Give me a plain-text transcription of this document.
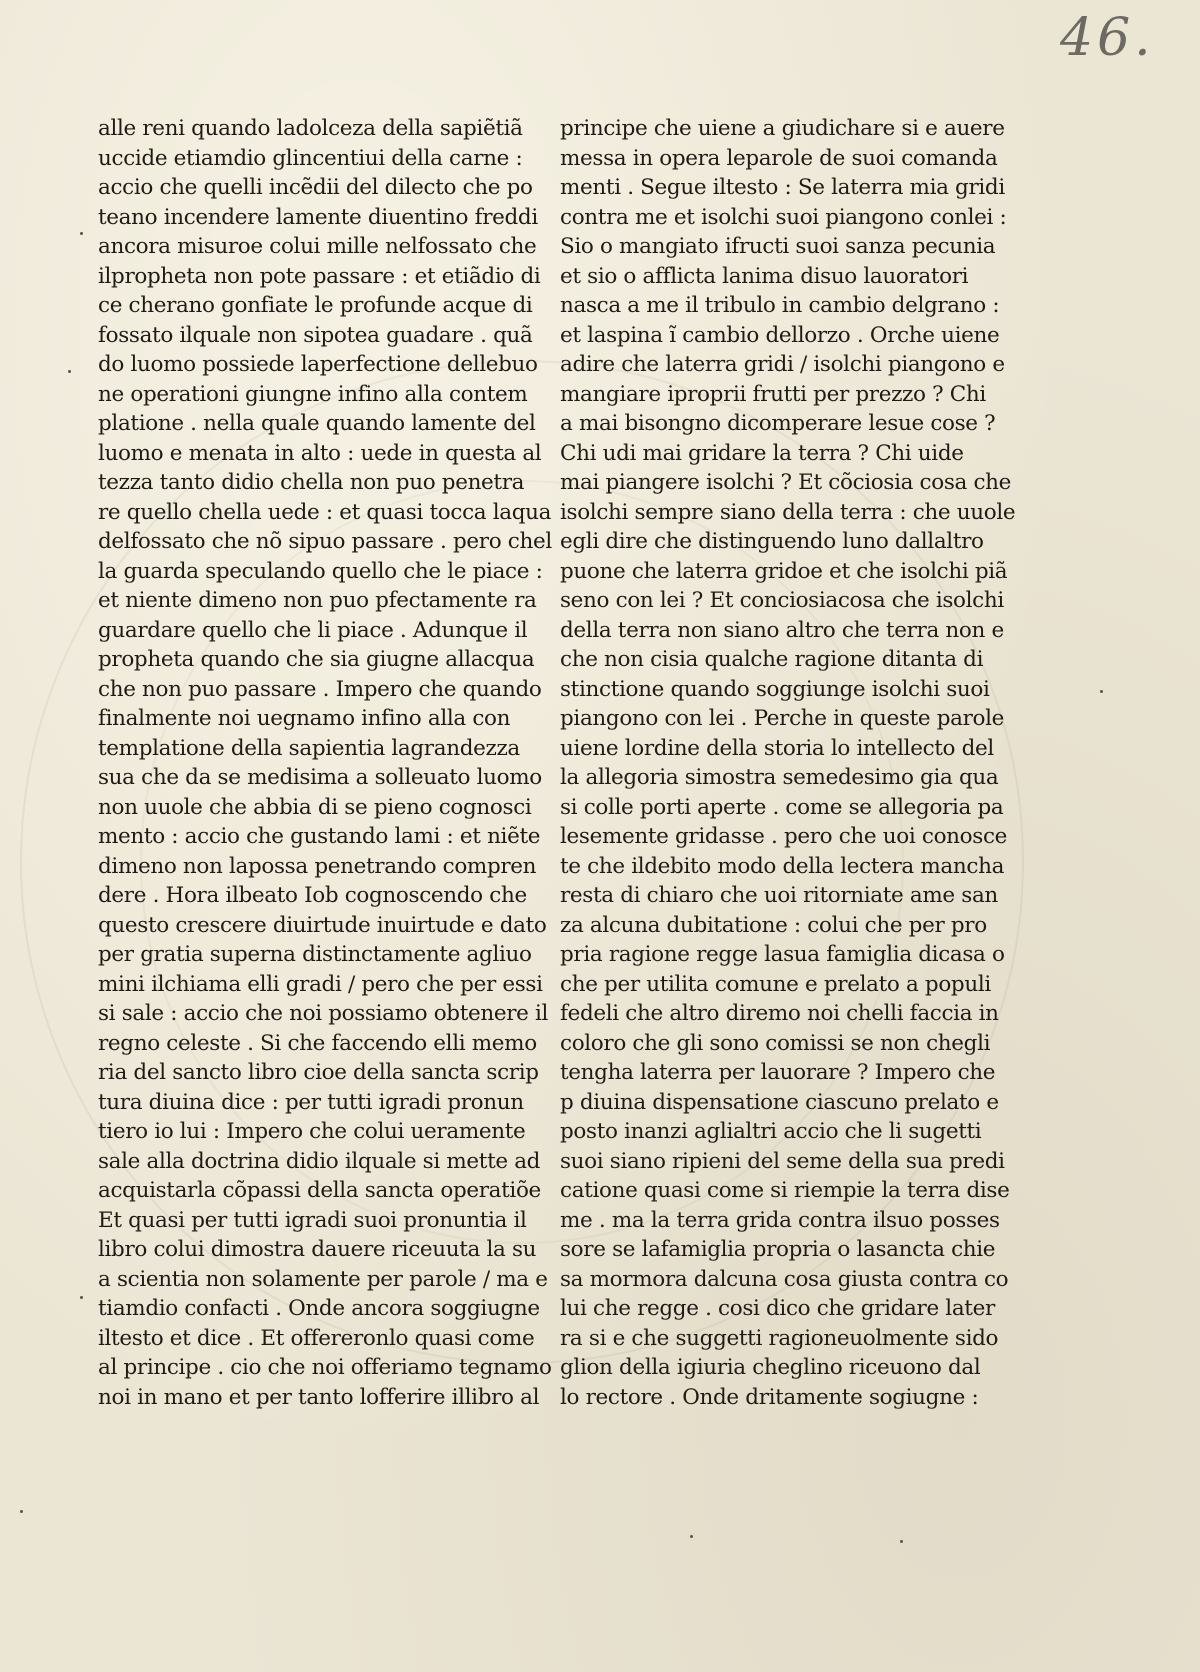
46.
alle reni quando ladolceza della sapiẽtiã
uccide etiamdio glincentiui della carne :
accio che quelli incẽdii del dilecto che po
teano incendere lamente diuentino freddi
ancora misuroe colui mille nelfossato che
ilpropheta non pote passare : et etiãdio di
ce cherano gonfiate le profunde acque di
fossato ilquale non sipotea guadare . quã
do luomo possiede laperfectione dellebuo
ne operationi giungne infino alla contem
platione . nella quale quando lamente del
luomo e menata in alto : uede in questa al
tezza tanto didio chella non puo penetra
re quello chella uede : et quasi tocca laqua
delfossato che nõ sipuo passare . pero chel
la guarda speculando quello che le piace :
et niente dimeno non puo pfectamente ra
guardare quello che li piace . Adunque il
propheta quando che sia giugne allacqua
che non puo passare . Impero che quando
finalmente noi uegnamo infino alla con
templatione della sapientia lagrandezza
sua che da se medisima a solleuato luomo
non uuole che abbia di se pieno cognosci
mento : accio che gustando lami : et niẽte
dimeno non lapossa penetrando compren
dere . Hora ilbeato Iob cognoscendo che
questo crescere diuirtude inuirtude e dato
per gratia superna distinctamente agliuo
mini ilchiama elli gradi / pero che per essi
si sale : accio che noi possiamo obtenere il
regno celeste . Si che faccendo elli memo
ria del sancto libro cioe della sancta scrip
tura diuina dice : per tutti igradi pronun
tiero io lui : Impero che colui ueramente
sale alla doctrina didio ilquale si mette ad
acquistarla cõpassi della sancta operatiõe
Et quasi per tutti igradi suoi pronuntia il
libro colui dimostra dauere riceuuta la su
a scientia non solamente per parole / ma e
tiamdio confacti . Onde ancora soggiugne
iltesto et dice . Et offereronlo quasi come
al principe . cio che noi offeriamo tegnamo
noi in mano et per tanto lofferire illibro al
principe che uiene a giudichare si e auere
messa in opera leparole de suoi comanda
menti . Segue iltesto : Se laterra mia gridi
contra me et isolchi suoi piangono conlei :
Sio o mangiato ifructi suoi sanza pecunia
et sio o afflicta lanima disuo lauoratori
nasca a me il tribulo in cambio delgrano :
et laspina ĩ cambio dellorzo . Orche uiene
adire che laterra gridi / isolchi piangono e
mangiare iproprii frutti per prezzo ? Chi
a mai bisongno dicomperare lesue cose ?
Chi udi mai gridare la terra ? Chi uide
mai piangere isolchi ? Et cõciosia cosa che
isolchi sempre siano della terra : che uuole
egli dire che distinguendo luno dallaltro
puone che laterra gridoe et che isolchi piã
seno con lei ? Et conciosiacosa che isolchi
della terra non siano altro che terra non e
che non cisia qualche ragione ditanta di
stinctione quando soggiunge isolchi suoi
piangono con lei . Perche in queste parole
uiene lordine della storia lo intellecto del
la allegoria simostra semedesimo gia qua
si colle porti aperte . come se allegoria pa
lesemente gridasse . pero che uoi conosce
te che ildebito modo della lectera mancha
resta di chiaro che uoi ritorniate ame san
za alcuna dubitatione : colui che per pro
pria ragione regge lasua famiglia dicasa o
che per utilita comune e prelato a populi
fedeli che altro diremo noi chelli faccia in
coloro che gli sono comissi se non chegli
tengha laterra per lauorare ? Impero che
p diuina dispensatione ciascuno prelato e
posto inanzi aglialtri accio che li sugetti
suoi siano ripieni del seme della sua predi
catione quasi come si riempie la terra dise
me . ma la terra grida contra ilsuo posses
sore se lafamiglia propria o lasancta chie
sa mormora dalcuna cosa giusta contra co
lui che regge . cosi dico che gridare later
ra si e che suggetti ragioneuolmente sido
glion della igiuria cheglino riceuono dal
lo rectore . Onde dritamente sogiugne :
